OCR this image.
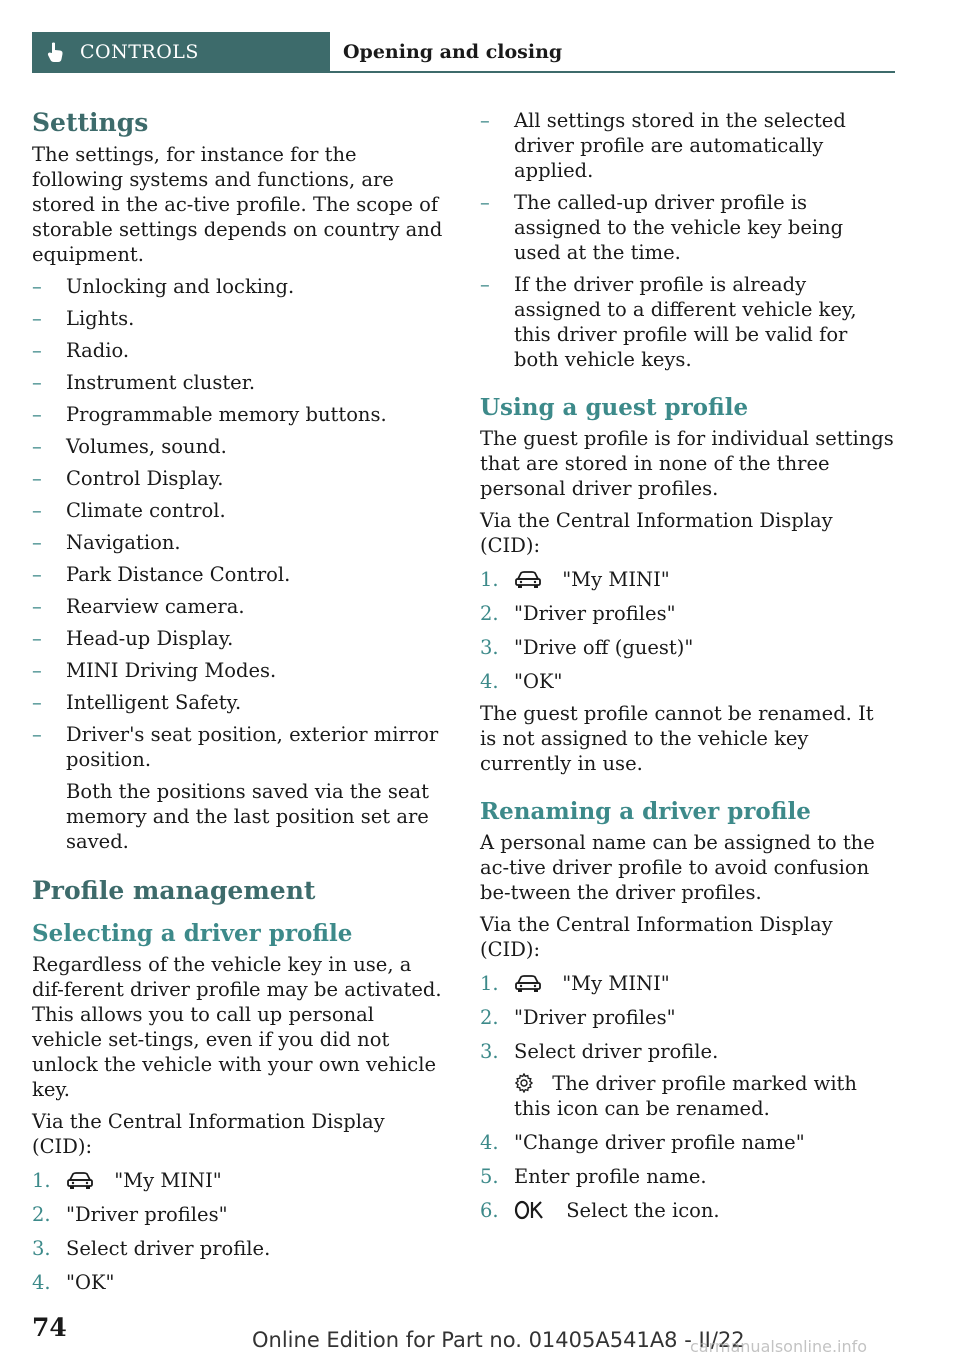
CONTROLS	Opening and closing
Settings

The settings, for instance for the following systems and functions, are stored in the ac-tive profile. The scope of storable settings depends on country and equipment.

– Unlocking and locking.
– Lights.
– Radio.
– Instrument cluster.
– Programmable memory buttons.
– Volumes, sound.
– Control Display.
– Climate control.
– Navigation.
– Park Distance Control.
– Rearview camera.
– Head-up Display.
– MINI Driving Modes.
– Intelligent Safety.
– Driver's seat position, exterior mirror position.

Both the positions saved via the seat memory and the last position set are saved.

Profile management
Selecting a driver profile

Regardless of the vehicle key in use, a dif-ferent driver profile may be activated. This allows you to call up personal vehicle set-tings, even if you did not unlock the vehicle with your own vehicle key.

Via the Central Information Display (CID):

1.	"My MINI"
2. "Driver profiles"
3. Select driver profile.
4. "OK"
– All settings stored in the selected driver profile are automatically applied.
– The called-up driver profile is assigned to the vehicle key being used at the time.
– If the driver profile is already assigned to a different vehicle key, this driver profile will be valid for both vehicle keys.
Using a guest profile

The guest profile is for individual settings that are stored in none of the three personal driver profiles.

Via the Central Information Display (CID):

1.	"My MINI"
2. "Driver profiles"
3. "Drive off (guest)"
4. "OK"

The guest profile cannot be renamed. It is not assigned to the vehicle key currently in use.

Renaming a driver profile

A personal name can be assigned to the ac-tive driver profile to avoid confusion be-tween the driver profiles.

Via the Central Information Display (CID):

1.	"My MINI"
2. "Driver profiles"
3. Select driver profile.

The driver profile marked with this icon can be renamed.

4. "Change driver profile name"
5. Enter profile name.
6.	Select the icon.
74	Online Edition for Part no. 01405A541A8 - II/22
carmanualsonline.info
